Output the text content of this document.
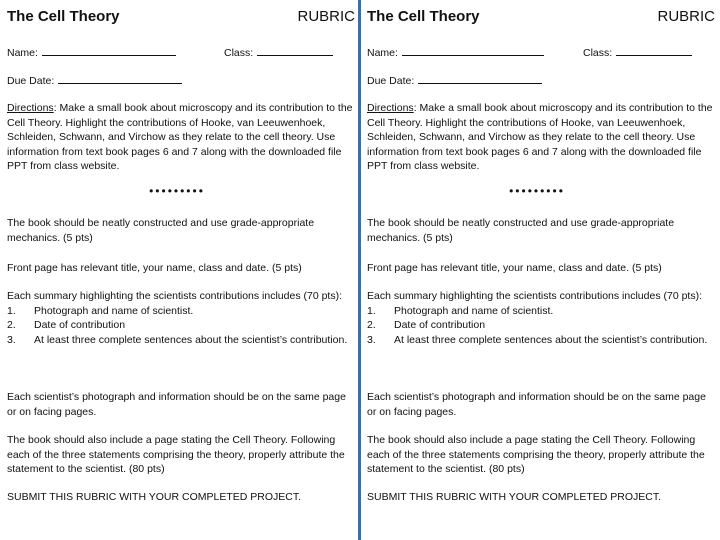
The Cell Theory	RUBRIC
Name:	Class:
Due Date:
Directions: Make a small book about microscopy and its contribution to the Cell Theory. Highlight the contributions of Hooke, van Leeuwenhoek, Schleiden, Schwann, and Virchow as they relate to the cell theory. Use information from text book pages 6 and 7 along with the downloaded file PPT from class website.
•••••••••
The book should be neatly constructed and use grade-appropriate mechanics. (5 pts)
Front page has relevant title, your name, class and date. (5 pts)
Each summary highlighting the scientists contributions includes (70 pts):
1.	Photograph and name of scientist.
2.	Date of contribution
3.	At least three complete sentences about the scientist’s contribution.
Each scientist’s photograph and information should be on the same page or on facing pages.
The book should also include a page stating the Cell Theory. Following each of the three statements comprising the theory, properly attribute the statement to the scientist. (80 pts)
SUBMIT THIS RUBRIC WITH YOUR COMPLETED PROJECT.
The Cell Theory	RUBRIC
Name:	Class:
Due Date:
Directions: Make a small book about microscopy and its contribution to the Cell Theory. Highlight the contributions of Hooke, van Leeuwenhoek, Schleiden, Schwann, and Virchow as they relate to the cell theory. Use information from text book pages 6 and 7 along with the downloaded file PPT from class website.
•••••••••
The book should be neatly constructed and use grade-appropriate mechanics. (5 pts)
Front page has relevant title, your name, class and date. (5 pts)
Each summary highlighting the scientists contributions includes (70 pts):
1.	Photograph and name of scientist.
2.	Date of contribution
3.	At least three complete sentences about the scientist’s contribution.
Each scientist’s photograph and information should be on the same page or on facing pages.
The book should also include a page stating the Cell Theory. Following each of the three statements comprising the theory, properly attribute the statement to the scientist. (80 pts)
SUBMIT THIS RUBRIC WITH YOUR COMPLETED PROJECT.
